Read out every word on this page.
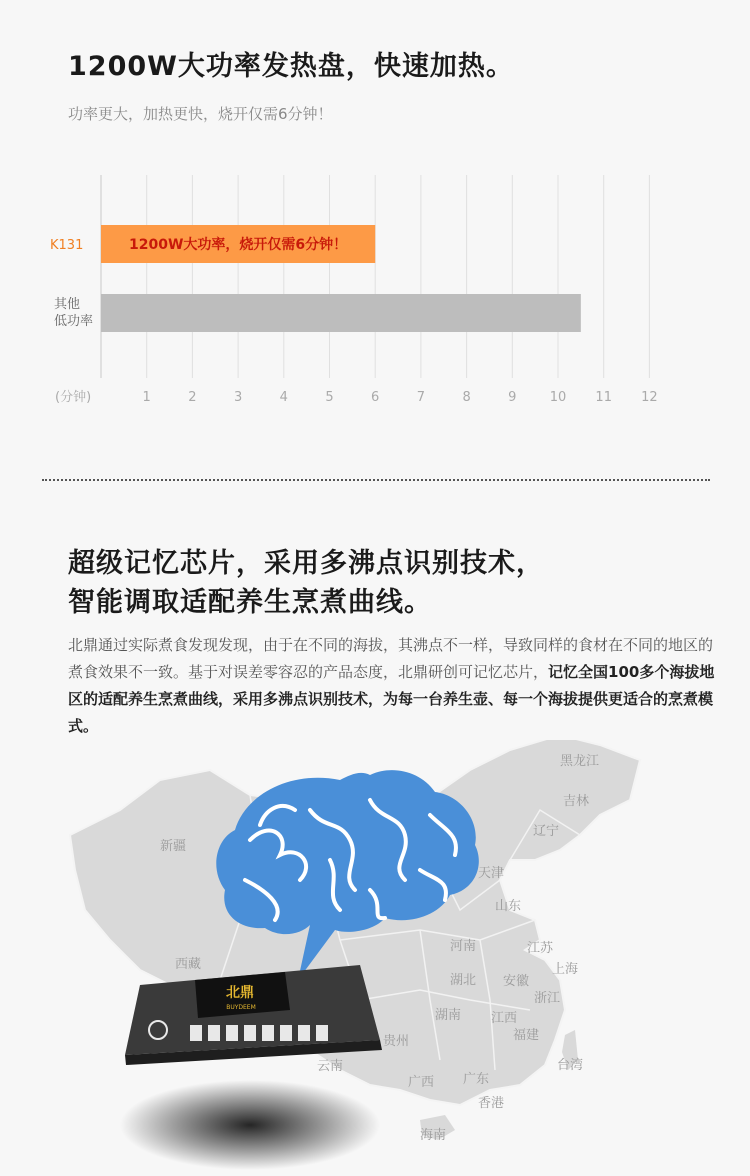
1200W大功率发热盘，快速加热。
功率更大，加热更快，烧开仅需6分钟！
1	2	3	4	5	6	7	8	9	10 11 12
(分钟)
K131
其他
低功率
1200W大功率，烧开仅需6分钟！
超级记忆芯片，采用多沸点识别技术，
智能调取适配养生烹煮曲线。
北鼎通过实际煮食发现发现，由于在不同的海拔，其沸点不一样，导致同样的食材在不同的地区的煮食效果不一致。基于对误差零容忍的产品态度，北鼎研创可记忆芯片，记忆全国100多个海拔地区的适配养生烹煮曲线，采用多沸点识别技术，为每一台养生壶、每一个海拔提供更适合的烹煮模式。
黑龙江
吉林
辽宁
新疆
天津
山东
河南	江苏
上海
西藏
湖北 安徽
浙江
湖南 江西
福建
贵州
台湾
云南
广西 广东
香港
海南
北鼎
BUYDEEM
